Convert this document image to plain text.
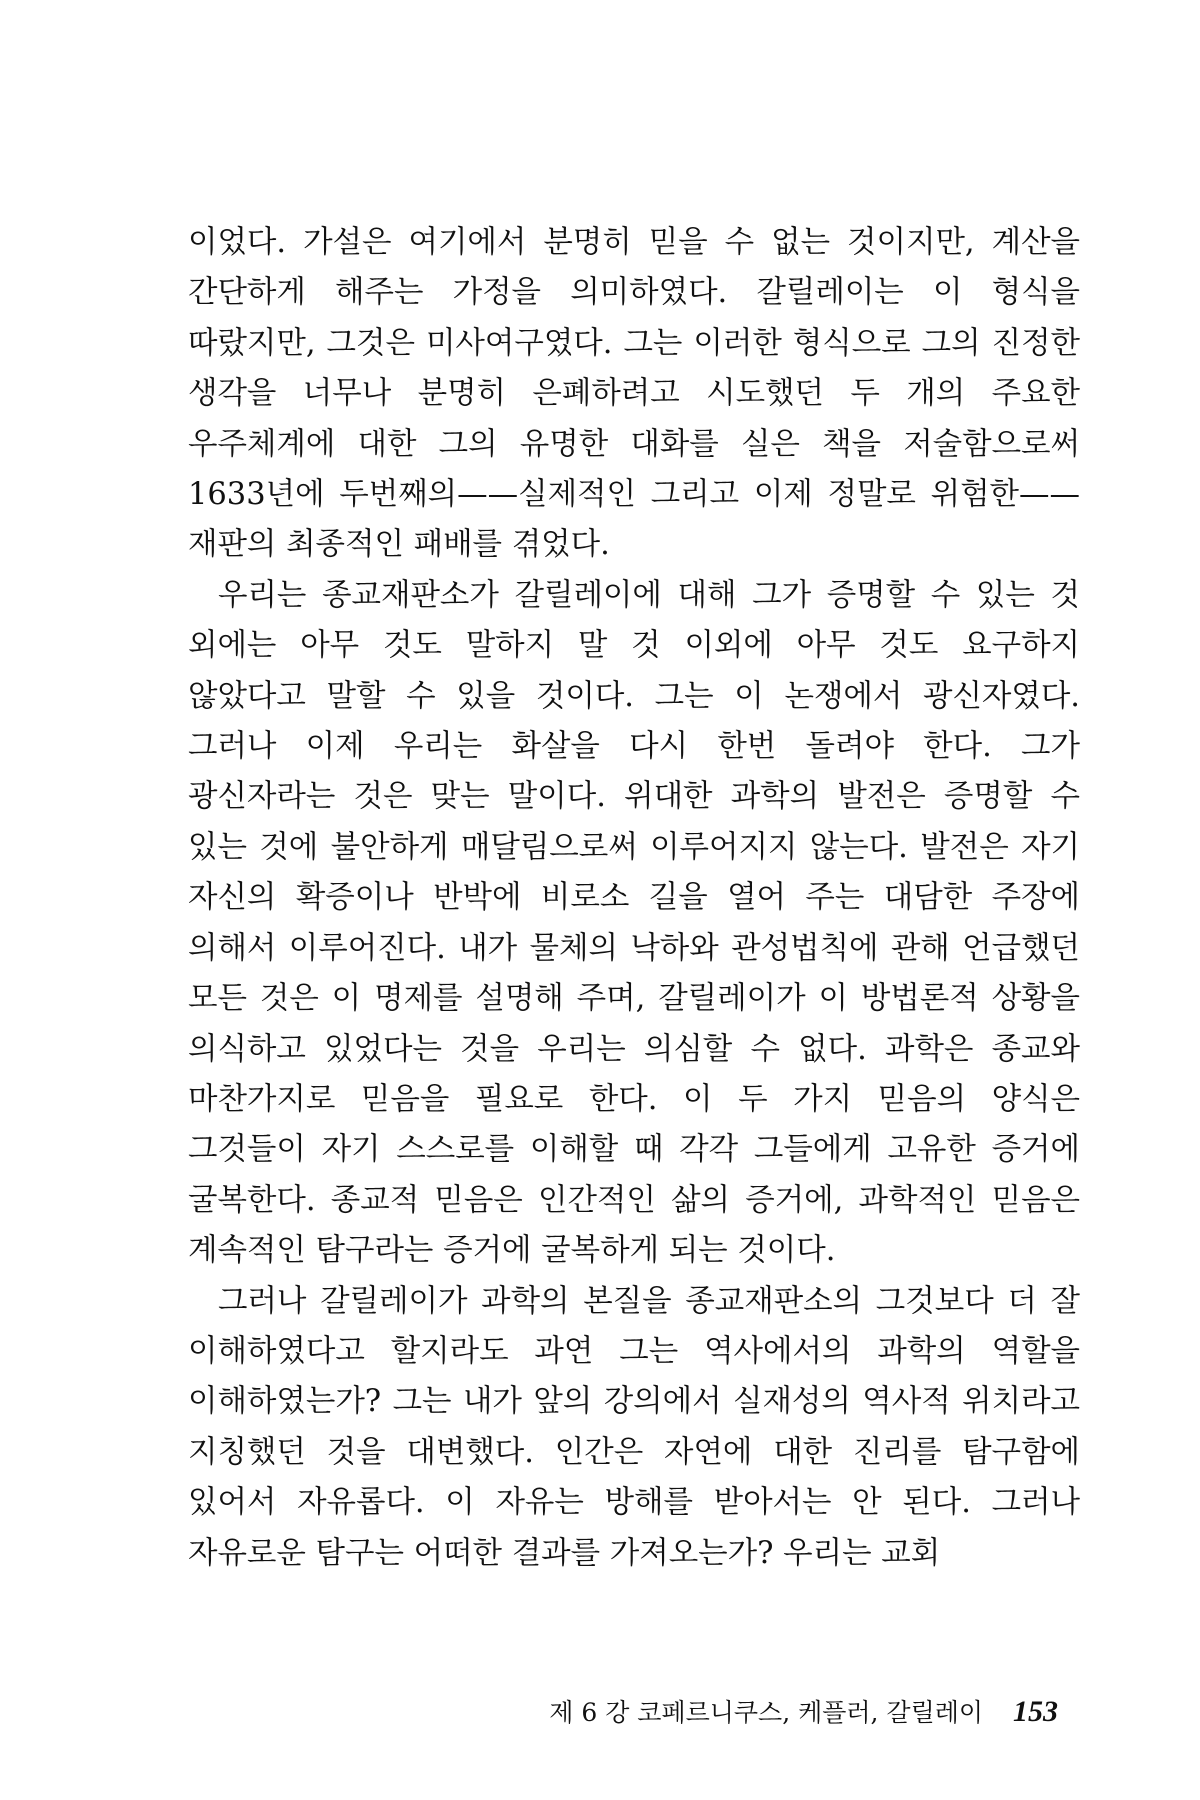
이었다. 가설은 여기에서 분명히 믿을 수 없는 것이지만, 계산을 간단하게 해주는 가정을 의미하였다. 갈릴레이는 이 형식을 따랐지만, 그것은 미사여구였다. 그는 이러한 형식으로 그의 진정한 생각을 너무나 분명히 은폐하려고 시도했던 두 개의 주요한 우주체계에 대한 그의 유명한 대화를 실은 책을 저술함으로써 1633년에 두번째의——실제적인 그리고 이제 정말로 위험한——재판의 최종적인 패배를 겪었다.

우리는 종교재판소가 갈릴레이에 대해 그가 증명할 수 있는 것 외에는 아무 것도 말하지 말 것 이외에 아무 것도 요구하지 않았다고 말할 수 있을 것이다. 그는 이 논쟁에서 광신자였다. 그러나 이제 우리는 화살을 다시 한번 돌려야 한다. 그가 광신자라는 것은 맞는 말이다. 위대한 과학의 발전은 증명할 수 있는 것에 불안하게 매달림으로써 이루어지지 않는다. 발전은 자기 자신의 확증이나 반박에 비로소 길을 열어 주는 대담한 주장에 의해서 이루어진다. 내가 물체의 낙하와 관성법칙에 관해 언급했던 모든 것은 이 명제를 설명해 주며, 갈릴레이가 이 방법론적 상황을 의식하고 있었다는 것을 우리는 의심할 수 없다. 과학은 종교와 마찬가지로 믿음을 필요로 한다. 이 두 가지 믿음의 양식은 그것들이 자기 스스로를 이해할 때 각각 그들에게 고유한 증거에 굴복한다. 종교적 믿음은 인간적인 삶의 증거에, 과학적인 믿음은 계속적인 탐구라는 증거에 굴복하게 되는 것이다.

그러나 갈릴레이가 과학의 본질을 종교재판소의 그것보다 더 잘 이해하였다고 할지라도 과연 그는 역사에서의 과학의 역할을 이해하였는가? 그는 내가 앞의 강의에서 실재성의 역사적 위치라고 지칭했던 것을 대변했다. 인간은 자연에 대한 진리를 탐구함에 있어서 자유롭다. 이 자유는 방해를 받아서는 안 된다. 그러나 자유로운 탐구는 어떠한 결과를 가져오는가? 우리는 교회

제 6 강 코페르니쿠스, 케플러, 갈릴레이 153
